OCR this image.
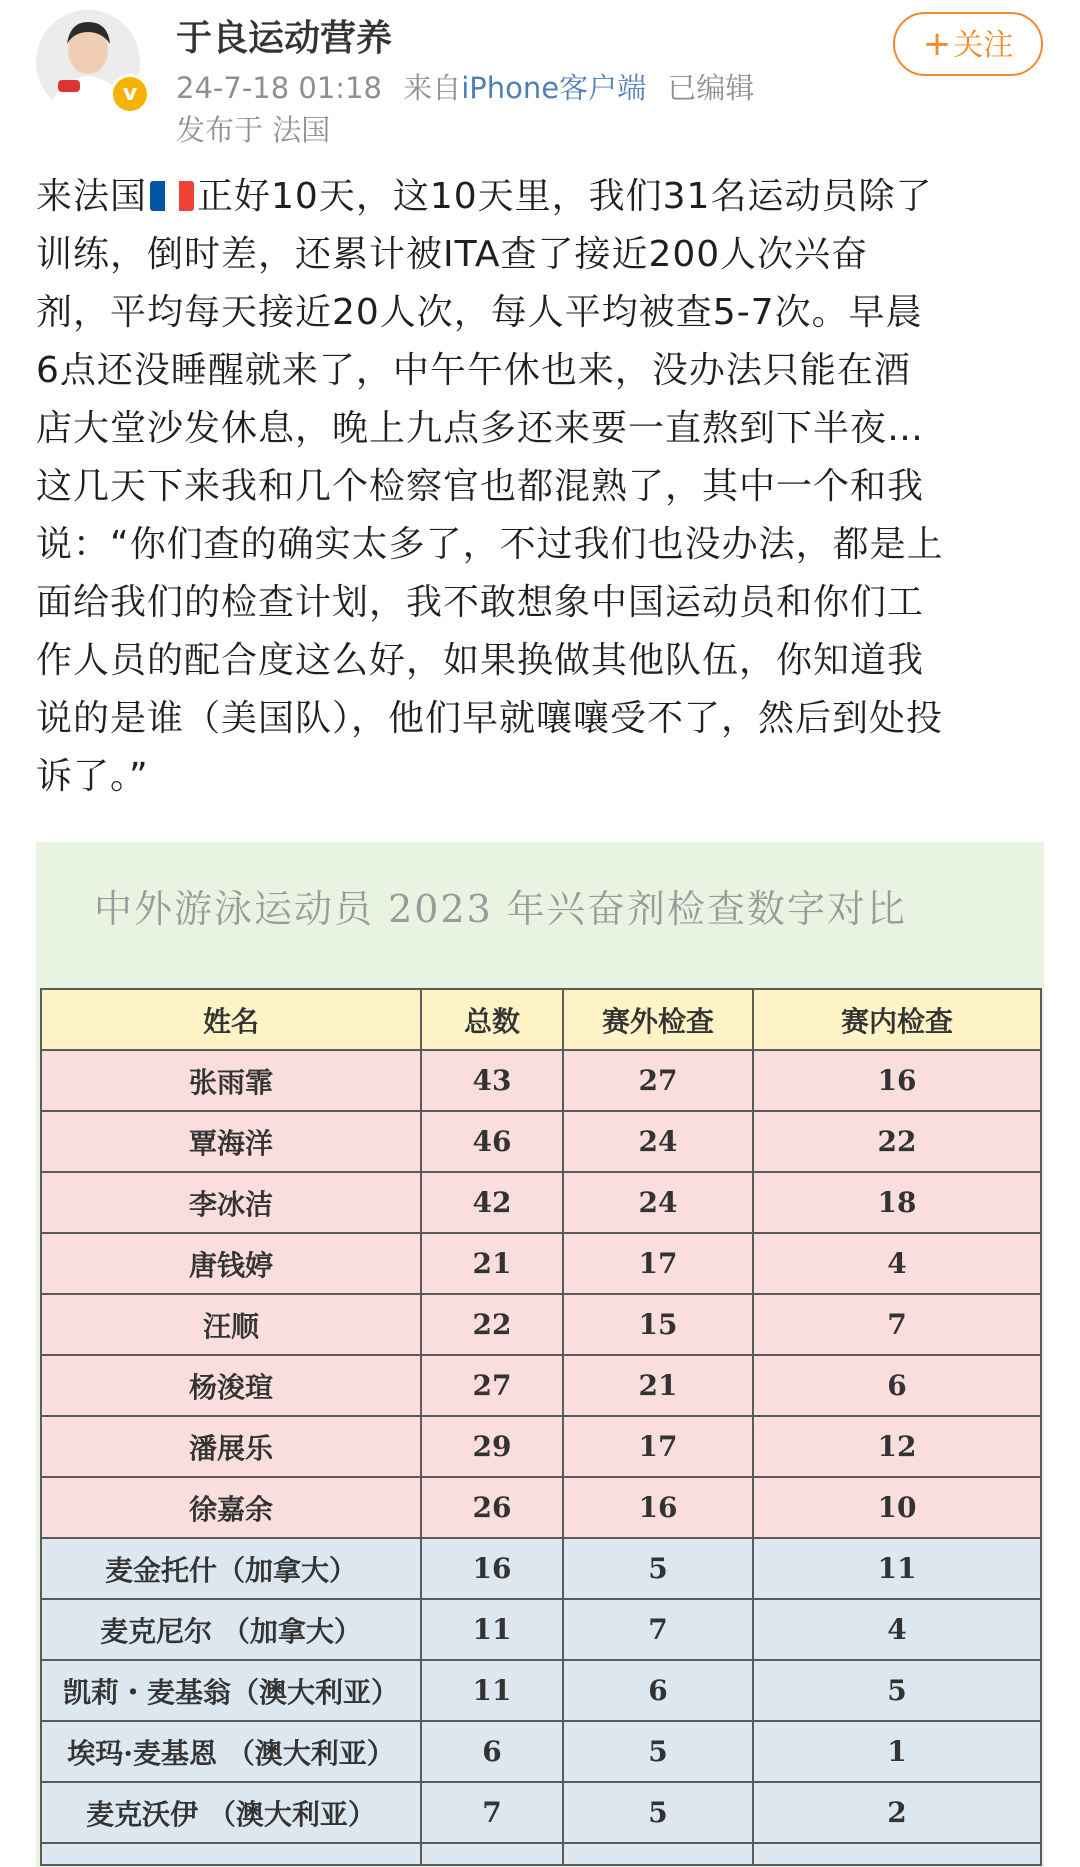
v
于良运动营养
24-7-18 01:18 来自iPhone客户端 已编辑
发布于 法国
+关注
来法国 正好10天，这10天里，我们31名运动员除了
训练，倒时差，还累计被ITA查了接近200人次兴奋
剂，平均每天接近20人次，每人平均被查5-7次。早晨
6点还没睡醒就来了，中午午休也来，没办法只能在酒
店大堂沙发休息，晚上九点多还来要一直熬到下半夜…
这几天下来我和几个检察官也都混熟了，其中一个和我
说：“你们查的确实太多了，不过我们也没办法，都是上
面给我们的检查计划，我不敢想象中国运动员和你们工
作人员的配合度这么好，如果换做其他队伍，你知道我
说的是谁（美国队），他们早就嚷嚷受不了，然后到处投
诉了。”
中外游泳运动员 2023 年兴奋剂检查数字对比
姓名	总数	赛外检查	赛内检查
张雨霏	43	27	16
覃海洋	46	24	22
李冰洁	42	24	18
唐钱婷	21	17	4
汪顺	22	15	7
杨浚瑄	27	21	6
潘展乐	29	17	12
徐嘉余	26	16	10
麦金托什（加拿大）	16	5	11
麦克尼尔 （加拿大）	11	7	4
凯莉・麦基翁（澳大利亚）	11	6	5
埃玛·麦基恩 （澳大利亚）	6	5	1
麦克沃伊 （澳大利亚）	7	5	2
